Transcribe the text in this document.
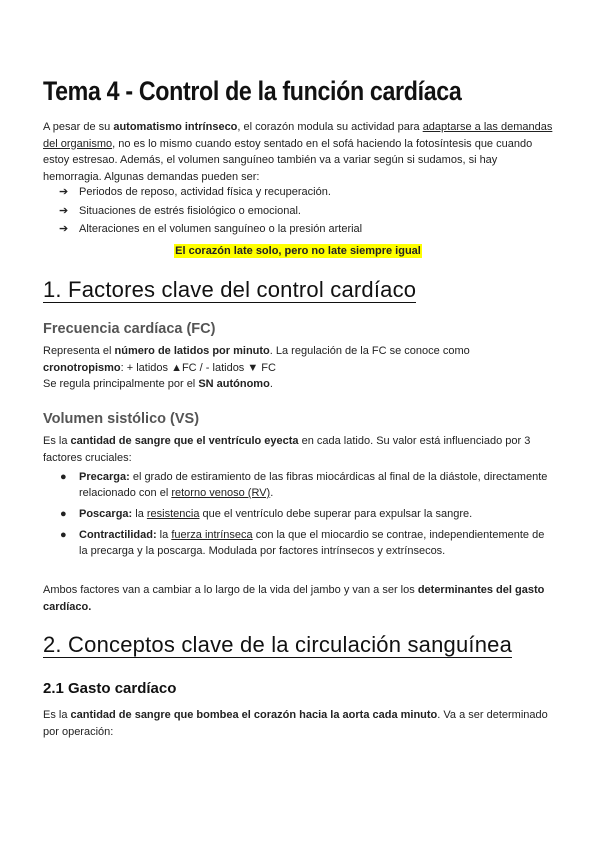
Tema 4 - Control de la función cardíaca

A pesar de su automatismo intrínseco, el corazón modula su actividad para adaptarse a las demandas del organismo, no es lo mismo cuando estoy sentado en el sofá haciendo la fotosíntesis que cuando estoy estresao. Además, el volumen sanguíneo también va a variar según si sudamos, si hay hemorragia. Algunas demandas pueden ser:

➔ Periodos de reposo, actividad física y recuperación.
➔ Situaciones de estrés fisiológico o emocional.
➔ Alteraciones en el volumen sanguíneo o la presión arterial
El corazón late solo, pero no late siempre igual
1. Factores clave del control cardíaco
Frecuencia cardíaca (FC)

Representa el número de latidos por minuto. La regulación de la FC se conoce como
cronotropismo: + latidos ▲FC / - latidos ▼ FC
Se regula principalmente por el SN autónomo.

Volumen sistólico (VS)

Es la cantidad de sangre que el ventrículo eyecta en cada latido. Su valor está influenciado por 3 factores cruciales:

● Precarga: el grado de estiramiento de las fibras miocárdicas al final de la diástole, directamente relacionado con el retorno venoso (RV).
● Poscarga: la resistencia que el ventrículo debe superar para expulsar la sangre.
● Contractilidad: la fuerza intrínseca con la que el miocardio se contrae, independientemente de la precarga y la poscarga. Modulada por factores intrínsecos y extrínsecos.

Ambos factores van a cambiar a lo largo de la vida del jambo y van a ser los determinantes del gasto cardíaco.

2. Conceptos clave de la circulación sanguínea
2.1 Gasto cardíaco

Es la cantidad de sangre que bombea el corazón hacia la aorta cada minuto. Va a ser determinado por operación:
